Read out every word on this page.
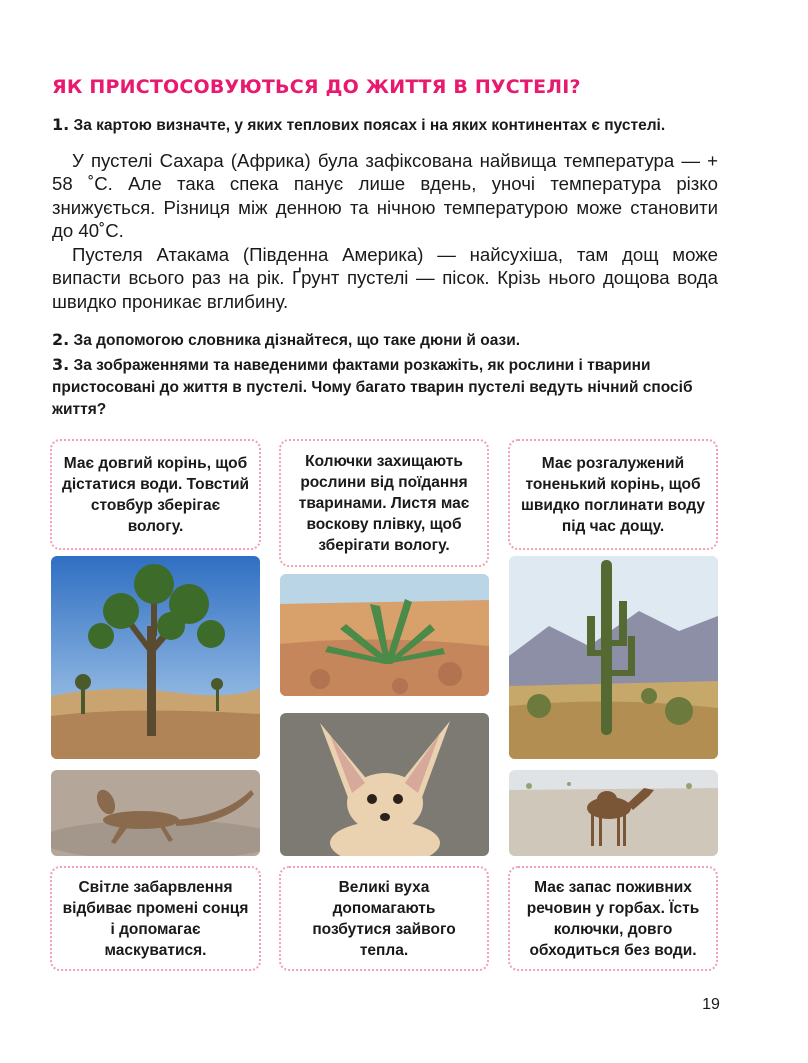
ЯК ПРИСТОСОВУЮТЬСЯ ДО ЖИТТЯ В ПУСТЕЛІ?

1. За картою визначте, у яких теплових поясах і на яких континентах є пустелі.

У пустелі Сахара (Африка) була зафіксована найвища температура — + 58 ˚С. Але така спека панує лише вдень, уночі температура різко знижується. Різниця між денною та нічною температурою може становити до 40˚С.

Пустеля Атакама (Південна Америка) — найсухіша, там дощ може випасти всього раз на рік. Ґрунт пустелі — пісок. Крізь нього дощова вода швидко проникає вглибину.

2. За допомогою словника дізнайтеся, що таке дюни й оази.

3. За зображеннями та наведеними фактами розкажіть, як рослини і тварини пристосовані до життя в пустелі. Чому багато тварин пустелі ведуть нічний спосіб життя?

Має довгий корінь, щоб дістатися води. Товстий стовбур зберігає вологу.
Колючки захищають рослини від поїдання тваринами. Листя має воскову плівку, щоб зберігати вологу.
Має розгалужений тоненький корінь, щоб швидко поглинати воду під час дощу.
Світле забарвлення відбиває промені сонця і допомагає маскуватися.
Великі вуха допомагають позбутися зайвого тепла.
Має запас поживних речовин у горбах. Їсть колючки, довго обходиться без води.
19
